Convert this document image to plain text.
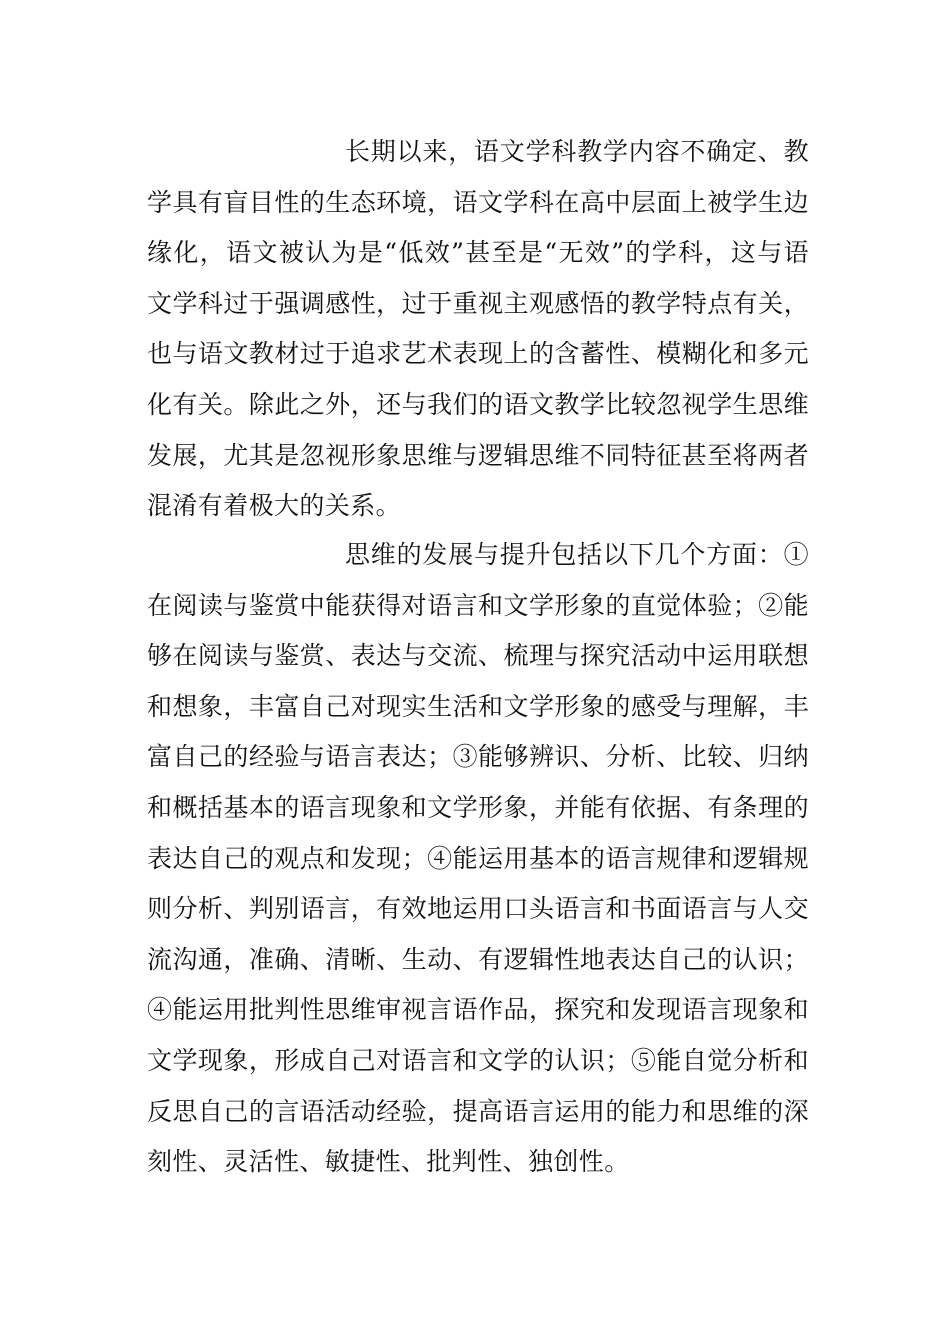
长期以来，语文学科教学内容不确定、教学具有盲目性的生态环境，语文学科在高中层面上被学生边缘化，语文被认为是“低效”甚至是“无效”的学科，这与语文学科过于强调感性，过于重视主观感悟的教学特点有关，也与语文教材过于追求艺术表现上的含蓄性、模糊化和多元化有关。除此之外，还与我们的语文教学比较忽视学生思维发展，尤其是忽视形象思维与逻辑思维不同特征甚至将两者混淆有着极大的关系。

思维的发展与提升包括以下几个方面：①在阅读与鉴赏中能获得对语言和文学形象的直觉体验；②能够在阅读与鉴赏、表达与交流、梳理与探究活动中运用联想和想象，丰富自己对现实生活和文学形象的感受与理解，丰富自己的经验与语言表达；③能够辨识、分析、比较、归纳和概括基本的语言现象和文学形象，并能有依据、有条理的表达自己的观点和发现；④能运用基本的语言规律和逻辑规则分析、判别语言，有效地运用口头语言和书面语言与人交流沟通，准确、清晰、生动、有逻辑性地表达自己的认识；④能运用批判性思维审视言语作品，探究和发现语言现象和文学现象，形成自己对语言和文学的认识；⑤能自觉分析和反思自己的言语活动经验，提高语言运用的能力和思维的深刻性、灵活性、敏捷性、批判性、独创性。
